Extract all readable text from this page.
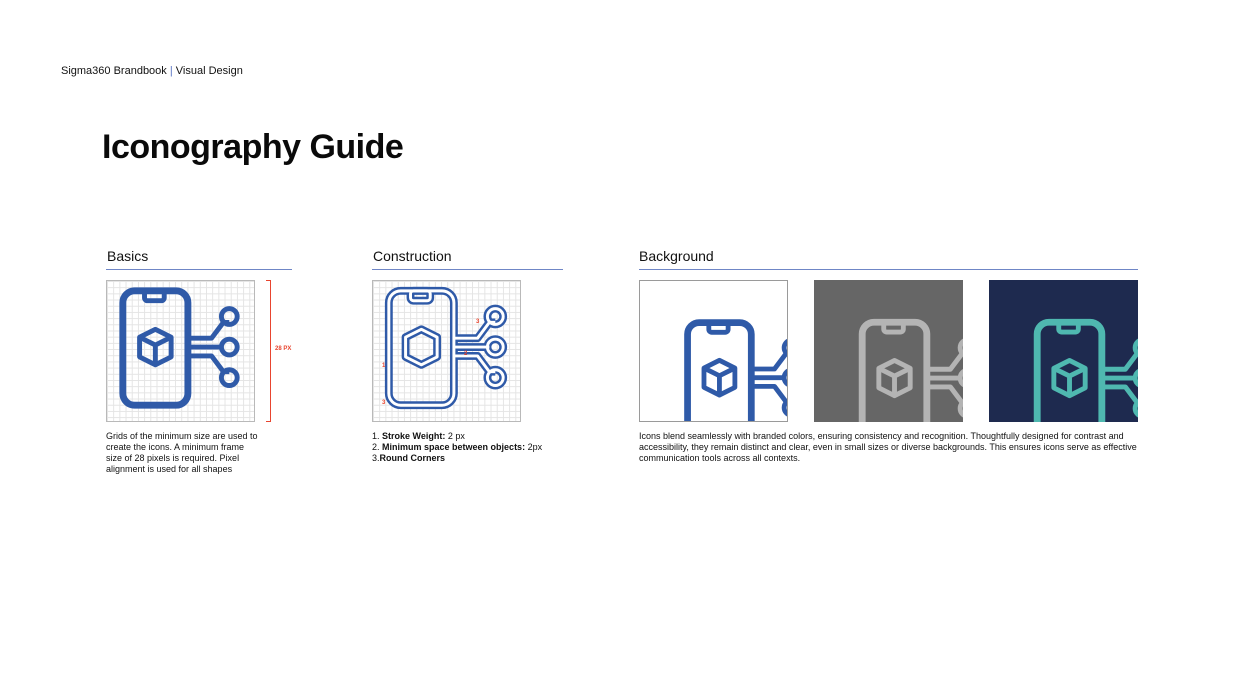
Sigma360 Brandbook | Visual Design
Iconography Guide
Basics
28 PX

Grids of the minimum size are used to create the icons. A minimum frame size of 28 pixels is required. Pixel alignment is used for all shapes

Construction
3
2
1
3
1. Stroke Weight: 2 px
2. Minimum space between objects: 2px
3.Round Corners
Background

Icons blend seamlessly with branded colors, ensuring consistency and recognition. Thoughtfully designed for contrast and accessibility, they remain distinct and clear, even in small sizes or diverse backgrounds. This ensures icons serve as effective communication tools across all contexts.
